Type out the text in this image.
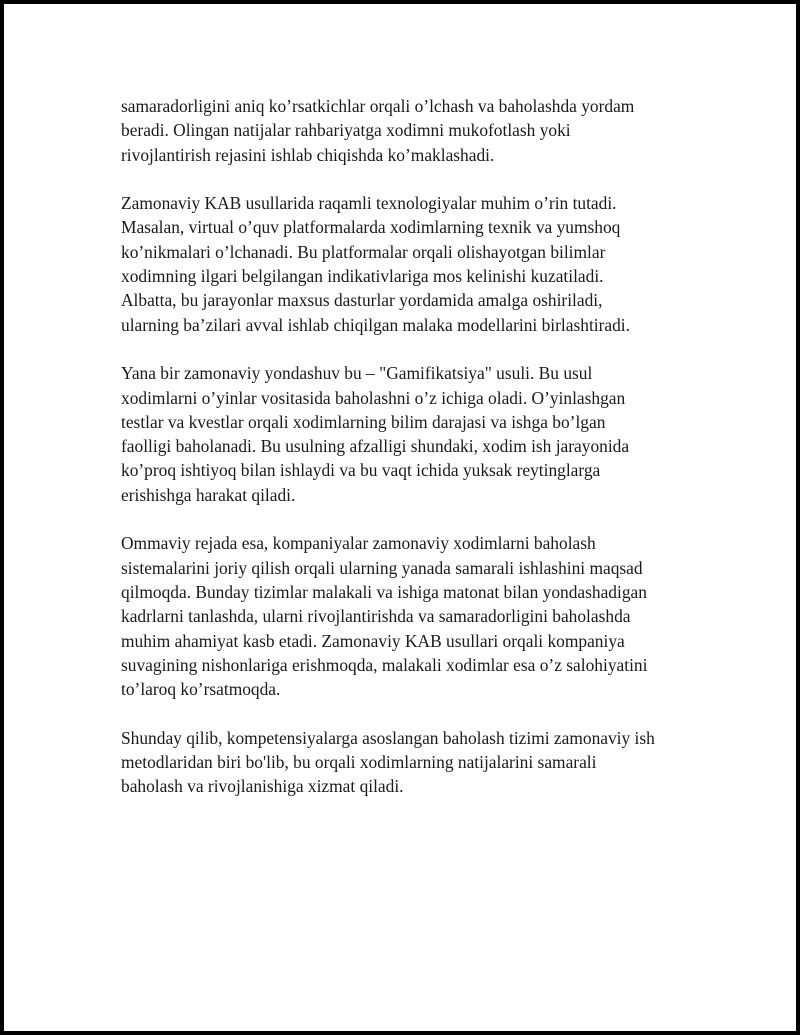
samaradorligini aniq ko’rsatkichlar orqali o’lchash va baholashda yordam
beradi. Olingan natijalar rahbariyatga xodimni mukofotlash yoki
rivojlantirish rejasini ishlab chiqishda ko’maklashadi.

Zamonaviy KAB usullarida raqamli texnologiyalar muhim o’rin tutadi.
Masalan, virtual o’quv platformalarda xodimlarning texnik va yumshoq
ko’nikmalari o’lchanadi. Bu platformalar orqali olishayotgan bilimlar
xodimning ilgari belgilangan indikativlariga mos kelinishi kuzatiladi.
Albatta, bu jarayonlar maxsus dasturlar yordamida amalga oshiriladi,
ularning ba’zilari avval ishlab chiqilgan malaka modellarini birlashtiradi.

Yana bir zamonaviy yondashuv bu – "Gamifikatsiya" usuli. Bu usul
xodimlarni o’yinlar vositasida baholashni o’z ichiga oladi. O’yinlashgan
testlar va kvestlar orqali xodimlarning bilim darajasi va ishga bo’lgan
faolligi baholanadi. Bu usulning afzalligi shundaki, xodim ish jarayonida
ko’proq ishtiyoq bilan ishlaydi va bu vaqt ichida yuksak reytinglarga
erishishga harakat qiladi.

Ommaviy rejada esa, kompaniyalar zamonaviy xodimlarni baholash
sistemalarini joriy qilish orqali ularning yanada samarali ishlashini maqsad
qilmoqda. Bunday tizimlar malakali va ishiga matonat bilan yondashadigan
kadrlarni tanlashda, ularni rivojlantirishda va samaradorligini baholashda
muhim ahamiyat kasb etadi. Zamonaviy KAB usullari orqali kompaniya
suvagining nishonlariga erishmoqda, malakali xodimlar esa o’z salohiyatini
to’laroq ko’rsatmoqda.

Shunday qilib, kompetensiyalarga asoslangan baholash tizimi zamonaviy ish
metodlaridan biri bo'lib, bu orqali xodimlarning natijalarini samarali
baholash va rivojlanishiga xizmat qiladi.
